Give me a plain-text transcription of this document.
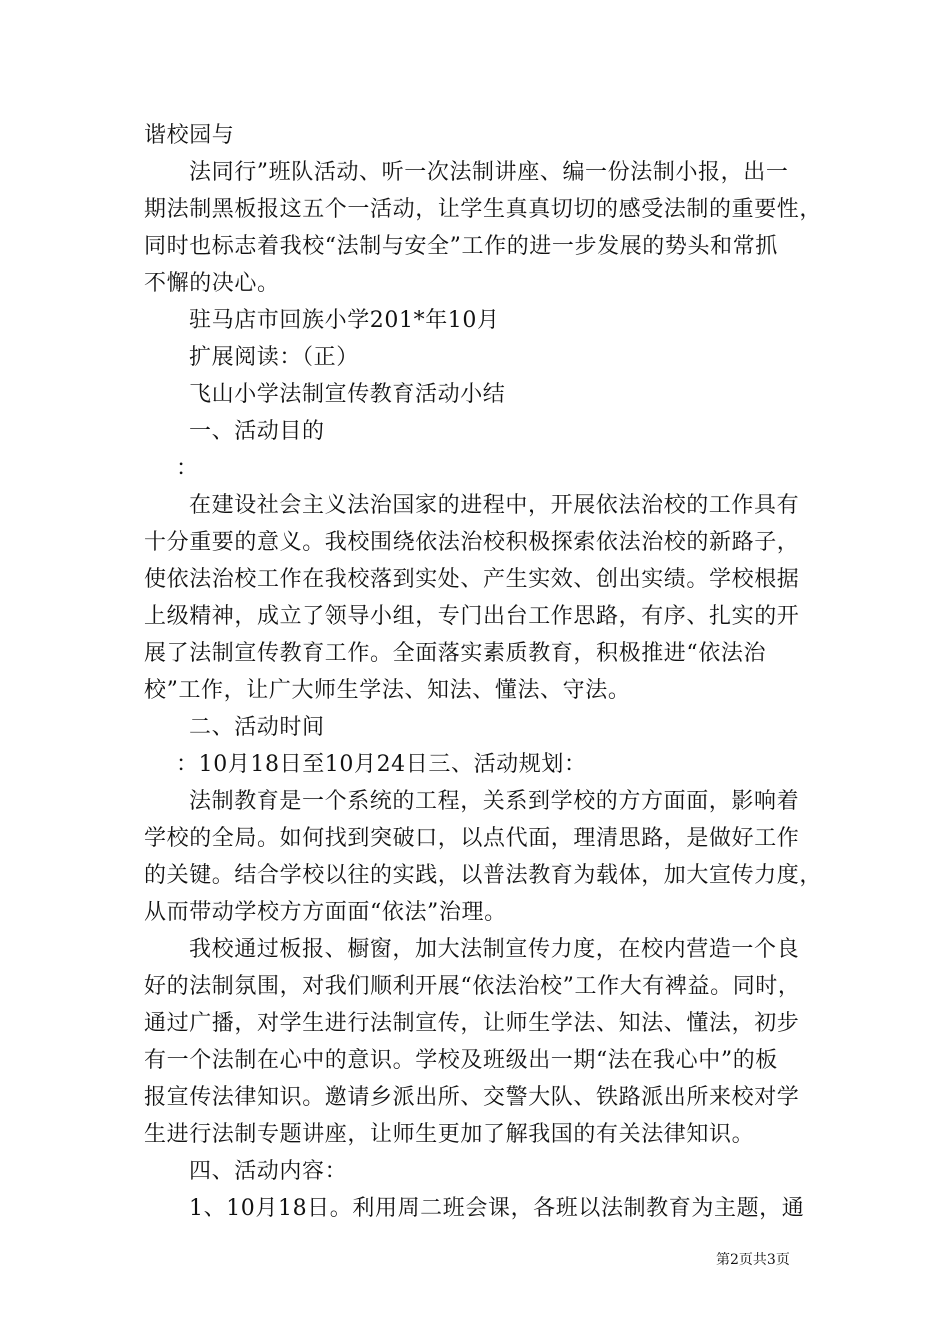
谐校园与
法同行”班队活动、听一次法制讲座、编一份法制小报，出一
期法制黑板报这五个一活动，让学生真真切切的感受法制的重要性，
同时也标志着我校“法制与安全”工作的进一步发展的势头和常抓
不懈的决心。
驻马店市回族小学201*年10月
扩展阅读：（正）
飞山小学法制宣传教育活动小结
一、活动目的
：
在建设社会主义法治国家的进程中，开展依法治校的工作具有
十分重要的意义。我校围绕依法治校积极探索依法治校的新路子，
使依法治校工作在我校落到实处、产生实效、创出实绩。学校根据
上级精神，成立了领导小组，专门出台工作思路，有序、扎实的开
展了法制宣传教育工作。全面落实素质教育，积极推进“依法治
校”工作，让广大师生学法、知法、懂法、守法。
二、活动时间
：10月18日至10月24日三、活动规划：
法制教育是一个系统的工程，关系到学校的方方面面，影响着
学校的全局。如何找到突破口，以点代面，理清思路，是做好工作
的关键。结合学校以往的实践，以普法教育为载体，加大宣传力度，
从而带动学校方方面面“依法”治理。
我校通过板报、橱窗，加大法制宣传力度，在校内营造一个良
好的法制氛围，对我们顺利开展“依法治校”工作大有裨益。同时，
通过广播，对学生进行法制宣传，让师生学法、知法、懂法，初步
有一个法制在心中的意识。学校及班级出一期“法在我心中”的板
报宣传法律知识。邀请乡派出所、交警大队、铁路派出所来校对学
生进行法制专题讲座，让师生更加了解我国的有关法律知识。
四、活动内容：
1、10月18日。利用周二班会课，各班以法制教育为主题，通
第2页共3页
